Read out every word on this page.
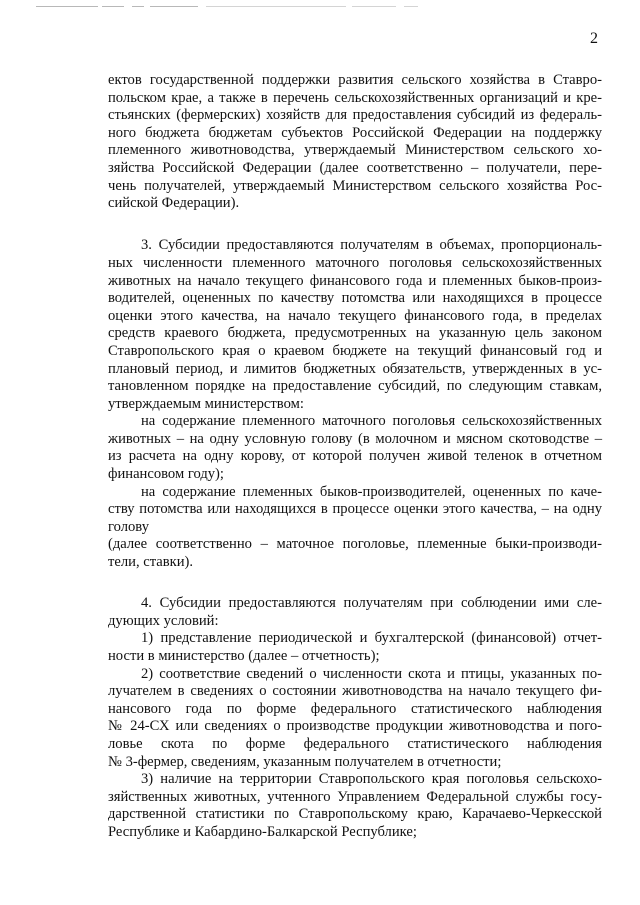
2
ектов государственной поддержки развития сельского хозяйства в Ставро-
польском крае, а также в перечень сельскохозяйственных организаций и кре-
стьянских (фермерских) хозяйств для предоставления субсидий из федераль-
ного бюджета бюджетам субъектов Российской Федерации на поддержку
племенного животноводства, утверждаемый Министерством сельского хо-
зяйства Российской Федерации (далее соответственно – получатели, пере-
чень получателей, утверждаемый Министерством сельского хозяйства Рос-
сийской Федерации).
3. Субсидии предоставляются получателям в объемах, пропорциональ-
ных численности племенного маточного поголовья сельскохозяйственных
животных на начало текущего финансового года и племенных быков-произ-
водителей, оцененных по качеству потомства или находящихся в процессе
оценки этого качества, на начало текущего финансового года, в пределах
средств краевого бюджета, предусмотренных на указанную цель законом
Ставропольского края о краевом бюджете на текущий финансовый год и
плановый период, и лимитов бюджетных обязательств, утвержденных в ус-
тановленном порядке на предоставление субсидий, по следующим ставкам,
утверждаемым министерством:
на содержание племенного маточного поголовья сельскохозяйственных
животных – на одну условную голову (в молочном и мясном скотоводстве –
из расчета на одну корову, от которой получен живой теленок в отчетном
финансовом году);
на содержание племенных быков-производителей, оцененных по каче-
ству потомства или находящихся в процессе оценки этого качества, – на одну
голову
(далее соответственно – маточное поголовье, племенные быки-производи-
тели, ставки).
4. Субсидии предоставляются получателям при соблюдении ими сле-
дующих условий:
1) представление периодической и бухгалтерской (финансовой) отчет-
ности в министерство (далее – отчетность);
2) соответствие сведений о численности скота и птицы, указанных по-
лучателем в сведениях о состоянии животноводства на начало текущего фи-
нансового года по форме федерального статистического наблюдения
№ 24-СХ или сведениях о производстве продукции животноводства и пого-
ловье скота по форме федерального статистического наблюдения
№ 3-фермер, сведениям, указанным получателем в отчетности;
3) наличие на территории Ставропольского края поголовья сельскохо-
зяйственных животных, учтенного Управлением Федеральной службы госу-
дарственной статистики по Ставропольскому краю, Карачаево-Черкесской
Республике и Кабардино-Балкарской Республике;
